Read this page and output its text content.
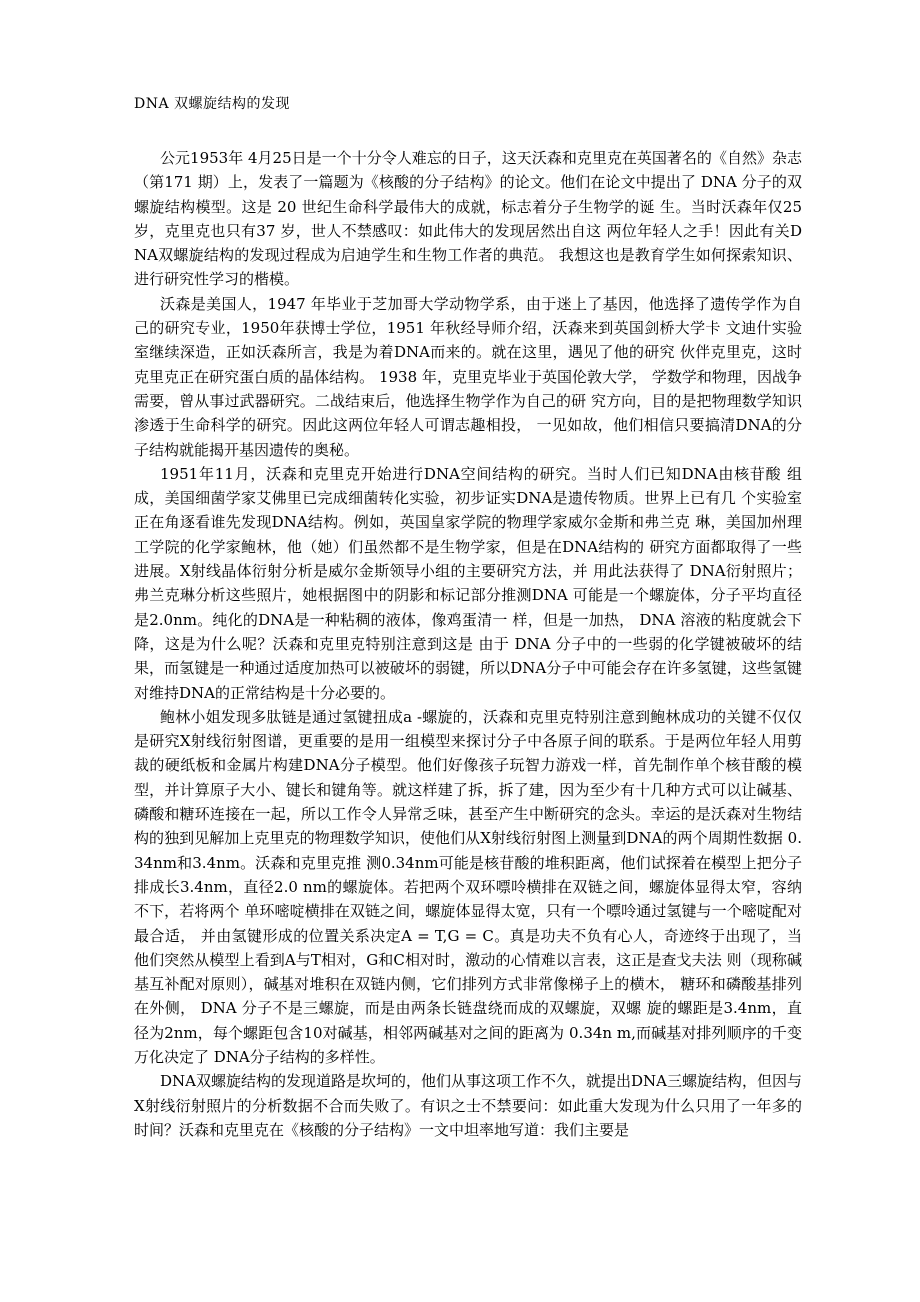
DNA 双螺旋结构的发现

公元1953年 4月25日是一个十分令人难忘的日子，这天沃森和克里克在英国著名的《自然》杂志（第171 期）上，发表了一篇题为《核酸的分子结构》的论文。他们在论文中提出了 DNA 分子的双螺旋结构模型。这是 20 世纪生命科学最伟大的成就，标志着分子生物学的诞 生。当时沃森年仅25 岁，克里克也只有37 岁，世人不禁感叹：如此伟大的发现居然出自这 两位年轻人之手！因此有关DNA双螺旋结构的发现过程成为启迪学生和生物工作者的典范。 我想这也是教育学生如何探索知识、进行研究性学习的楷模。

沃森是美国人，1947 年毕业于芝加哥大学动物学系，由于迷上了基因，他选择了遗传学作为自己的研究专业，1950年获博士学位，1951 年秋经导师介绍，沃森来到英国剑桥大学卡 文迪什实验室继续深造，正如沃森所言，我是为着DNA而来的。就在这里，遇见了他的研究 伙伴克里克，这时克里克正在研究蛋白质的晶体结构。 1938 年，克里克毕业于英国伦敦大学， 学数学和物理，因战争需要，曾从事过武器研究。二战结束后，他选择生物学作为自己的研 究方向，目的是把物理数学知识渗透于生命科学的研究。因此这两位年轻人可谓志趣相投， 一见如故，他们相信只要搞清DNA的分子结构就能揭开基因遗传的奥秘。

1951年11月，沃森和克里克开始进行DNA空间结构的研究。当时人们已知DNA由核苷酸 组成，美国细菌学家艾佛里已完成细菌转化实验，初步证实DNA是遗传物质。世界上已有几 个实验室正在角逐看谁先发现DNA结构。例如，英国皇家学院的物理学家威尔金斯和弗兰克 琳，美国加州理工学院的化学家鲍林，他（她）们虽然都不是生物学家，但是在DNA结构的 研究方面都取得了一些进展。X射线晶体衍射分析是威尔金斯领导小组的主要研究方法，并 用此法获得了 DNA衍射照片；弗兰克琳分析这些照片，她根据图中的阴影和标记部分推测DNA 可能是一个螺旋体，分子平均直径是2.0nm。纯化的DNA是一种粘稠的液体，像鸡蛋清一 样，但是一加热， DNA 溶液的粘度就会下降，这是为什么呢？沃森和克里克特别注意到这是 由于 DNA 分子中的一些弱的化学键被破坏的结果，而氢键是一种通过适度加热可以被破坏的弱键，所以DNA分子中可能会存在许多氢键，这些氢键对维持DNA的正常结构是十分必要的。

鲍林小姐发现多肽链是通过氢键扭成a -螺旋的，沃森和克里克特别注意到鲍林成功的关键不仅仅是研究X射线衍射图谱，更重要的是用一组模型来探讨分子中各原子间的联系。于是两位年轻人用剪裁的硬纸板和金属片构建DNA分子模型。他们好像孩子玩智力游戏一样，首先制作单个核苷酸的模型，并计算原子大小、键长和键角等。就这样建了拆，拆了建，因为至少有十几种方式可以让碱基、磷酸和糖环连接在一起，所以工作令人异常乏味，甚至产生中断研究的念头。幸运的是沃森对生物结构的独到见解加上克里克的物理数学知识，使他们从X射线衍射图上测量到DNA的两个周期性数据 0.34nm和3.4nm。沃森和克里克推 测0.34nm可能是核苷酸的堆积距离，他们试探着在模型上把分子排成长3.4nm，直径2.0 nm的螺旋体。若把两个双环嘌呤横排在双链之间，螺旋体显得太窄，容纳不下，若将两个 单环嘧啶横排在双链之间，螺旋体显得太宽，只有一个嘌呤通过氢键与一个嘧啶配对最合适， 并由氢键形成的位置关系决定A = T,G = C。真是功夫不负有心人，奇迹终于出现了，当 他们突然从模型上看到A与T相对，G和C相对时，激动的心情难以言表，这正是查戈夫法 则（现称碱基互补配对原则），碱基对堆积在双链内侧，它们排列方式非常像梯子上的横木， 糖环和磷酸基排列在外侧， DNA 分子不是三螺旋，而是由两条长链盘绕而成的双螺旋，双螺 旋的螺距是3.4nm，直径为2nm，每个螺距包含10对碱基，相邻两碱基对之间的距离为 0.34n m,而碱基对排列顺序的千变万化决定了 DNA分子结构的多样性。

DNA双螺旋结构的发现道路是坎坷的，他们从事这项工作不久，就提出DNA三螺旋结构，但因与X射线衍射照片的分析数据不合而失败了。有识之士不禁要问：如此重大发现为什么只用了一年多的时间？沃森和克里克在《核酸的分子结构》一文中坦率地写道：我们主要是
